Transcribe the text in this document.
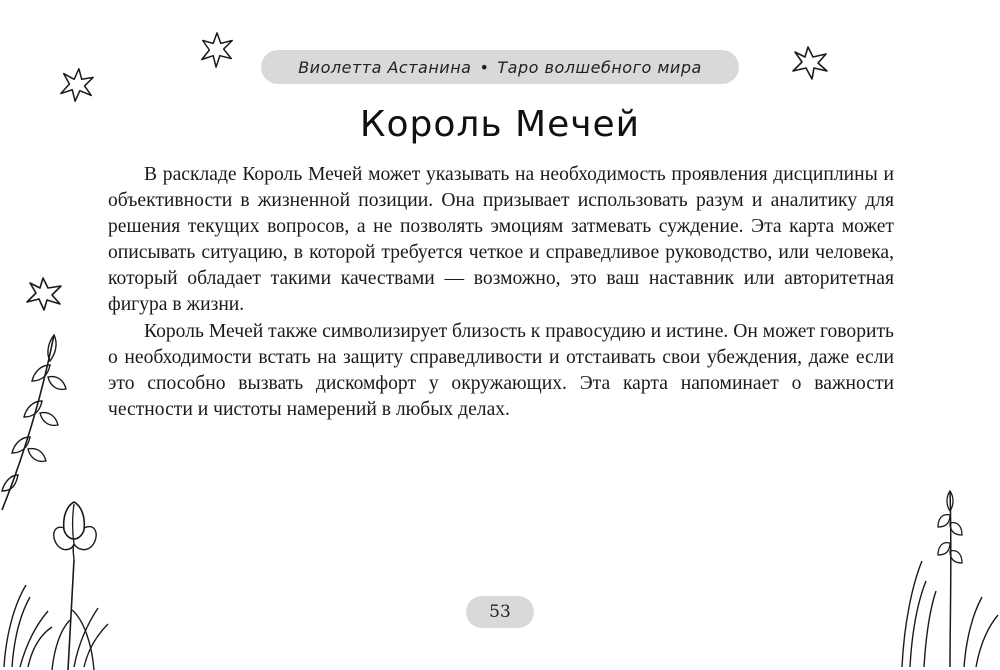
Виолетта Астанина • Таро волшебного мира
Король Мечей

В раскладе Король Мечей может указывать на необходимость проявления дисциплины и объективности в жизненной позиции. Она призывает использовать разум и аналитику для решения текущих вопросов, а не позволять эмоциям затмевать суждение. Эта карта может описывать ситуацию, в которой требуется четкое и справедливое руководство, или человека, который обладает такими качествами — возможно, это ваш наставник или авторитетная фигура в жизни.

Король Мечей также символизирует близость к правосудию и истине. Он может говорить о необходимости встать на защиту справедливости и отстаивать свои убеждения, даже если это способно вызвать дискомфорт у окружающих. Эта карта напоминает о важности честности и чистоты намерений в любых делах.

53
